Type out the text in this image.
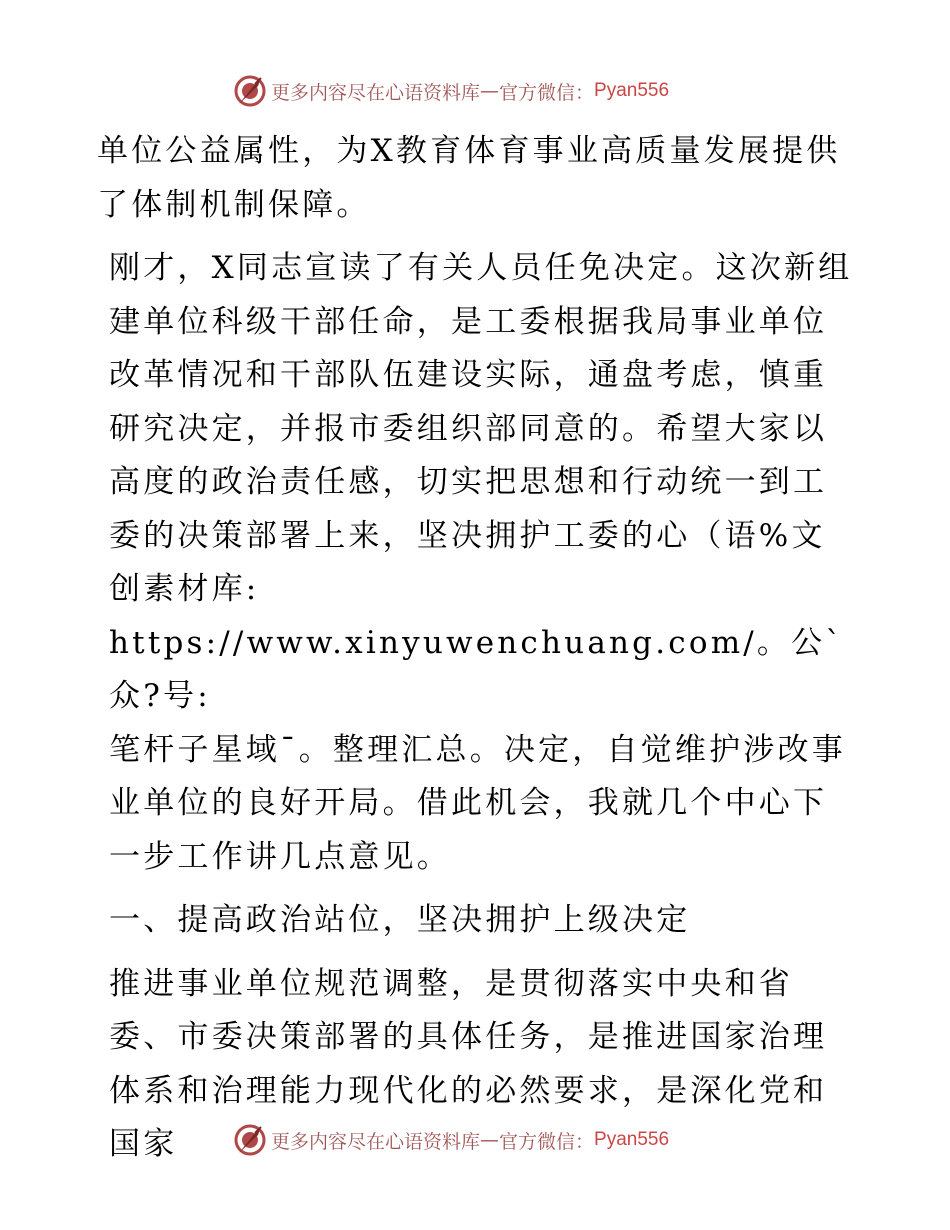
更多内容尽在心语资料库 — 官方微信： Pyan556

单位公益属性，为X教育体育事业高质量发展提供了体制机制保障。

刚才，X同志宣读了有关人员任免决定。这次新组建单位科级干部任命，是工委根据我局事业单位改革情况和干部队伍建设实际，通盘考虑，慎重研究决定，并报市委组织部同意的。希望大家以高度的政治责任感，切实把思想和行动统一到工委的决策部署上来，坚决拥护工委的心（语%文创素材库:
https://www.xinyuwenchuang.com/。公`众?号:
笔杆子星域¯。整理汇总。决定，自觉维护涉改事业单位的良好开局。借此机会，我就几个中心下一步工作讲几点意见。

一、提高政治站位，坚决拥护上级决定

推进事业单位规范调整，是贯彻落实中央和省
委、市委决策部署的具体任务，是推进国家治理体系和治理能力现代化的必然要求，是深化党和国家	更多内容尽在心语资料库 — 官方微信： Pyan556
